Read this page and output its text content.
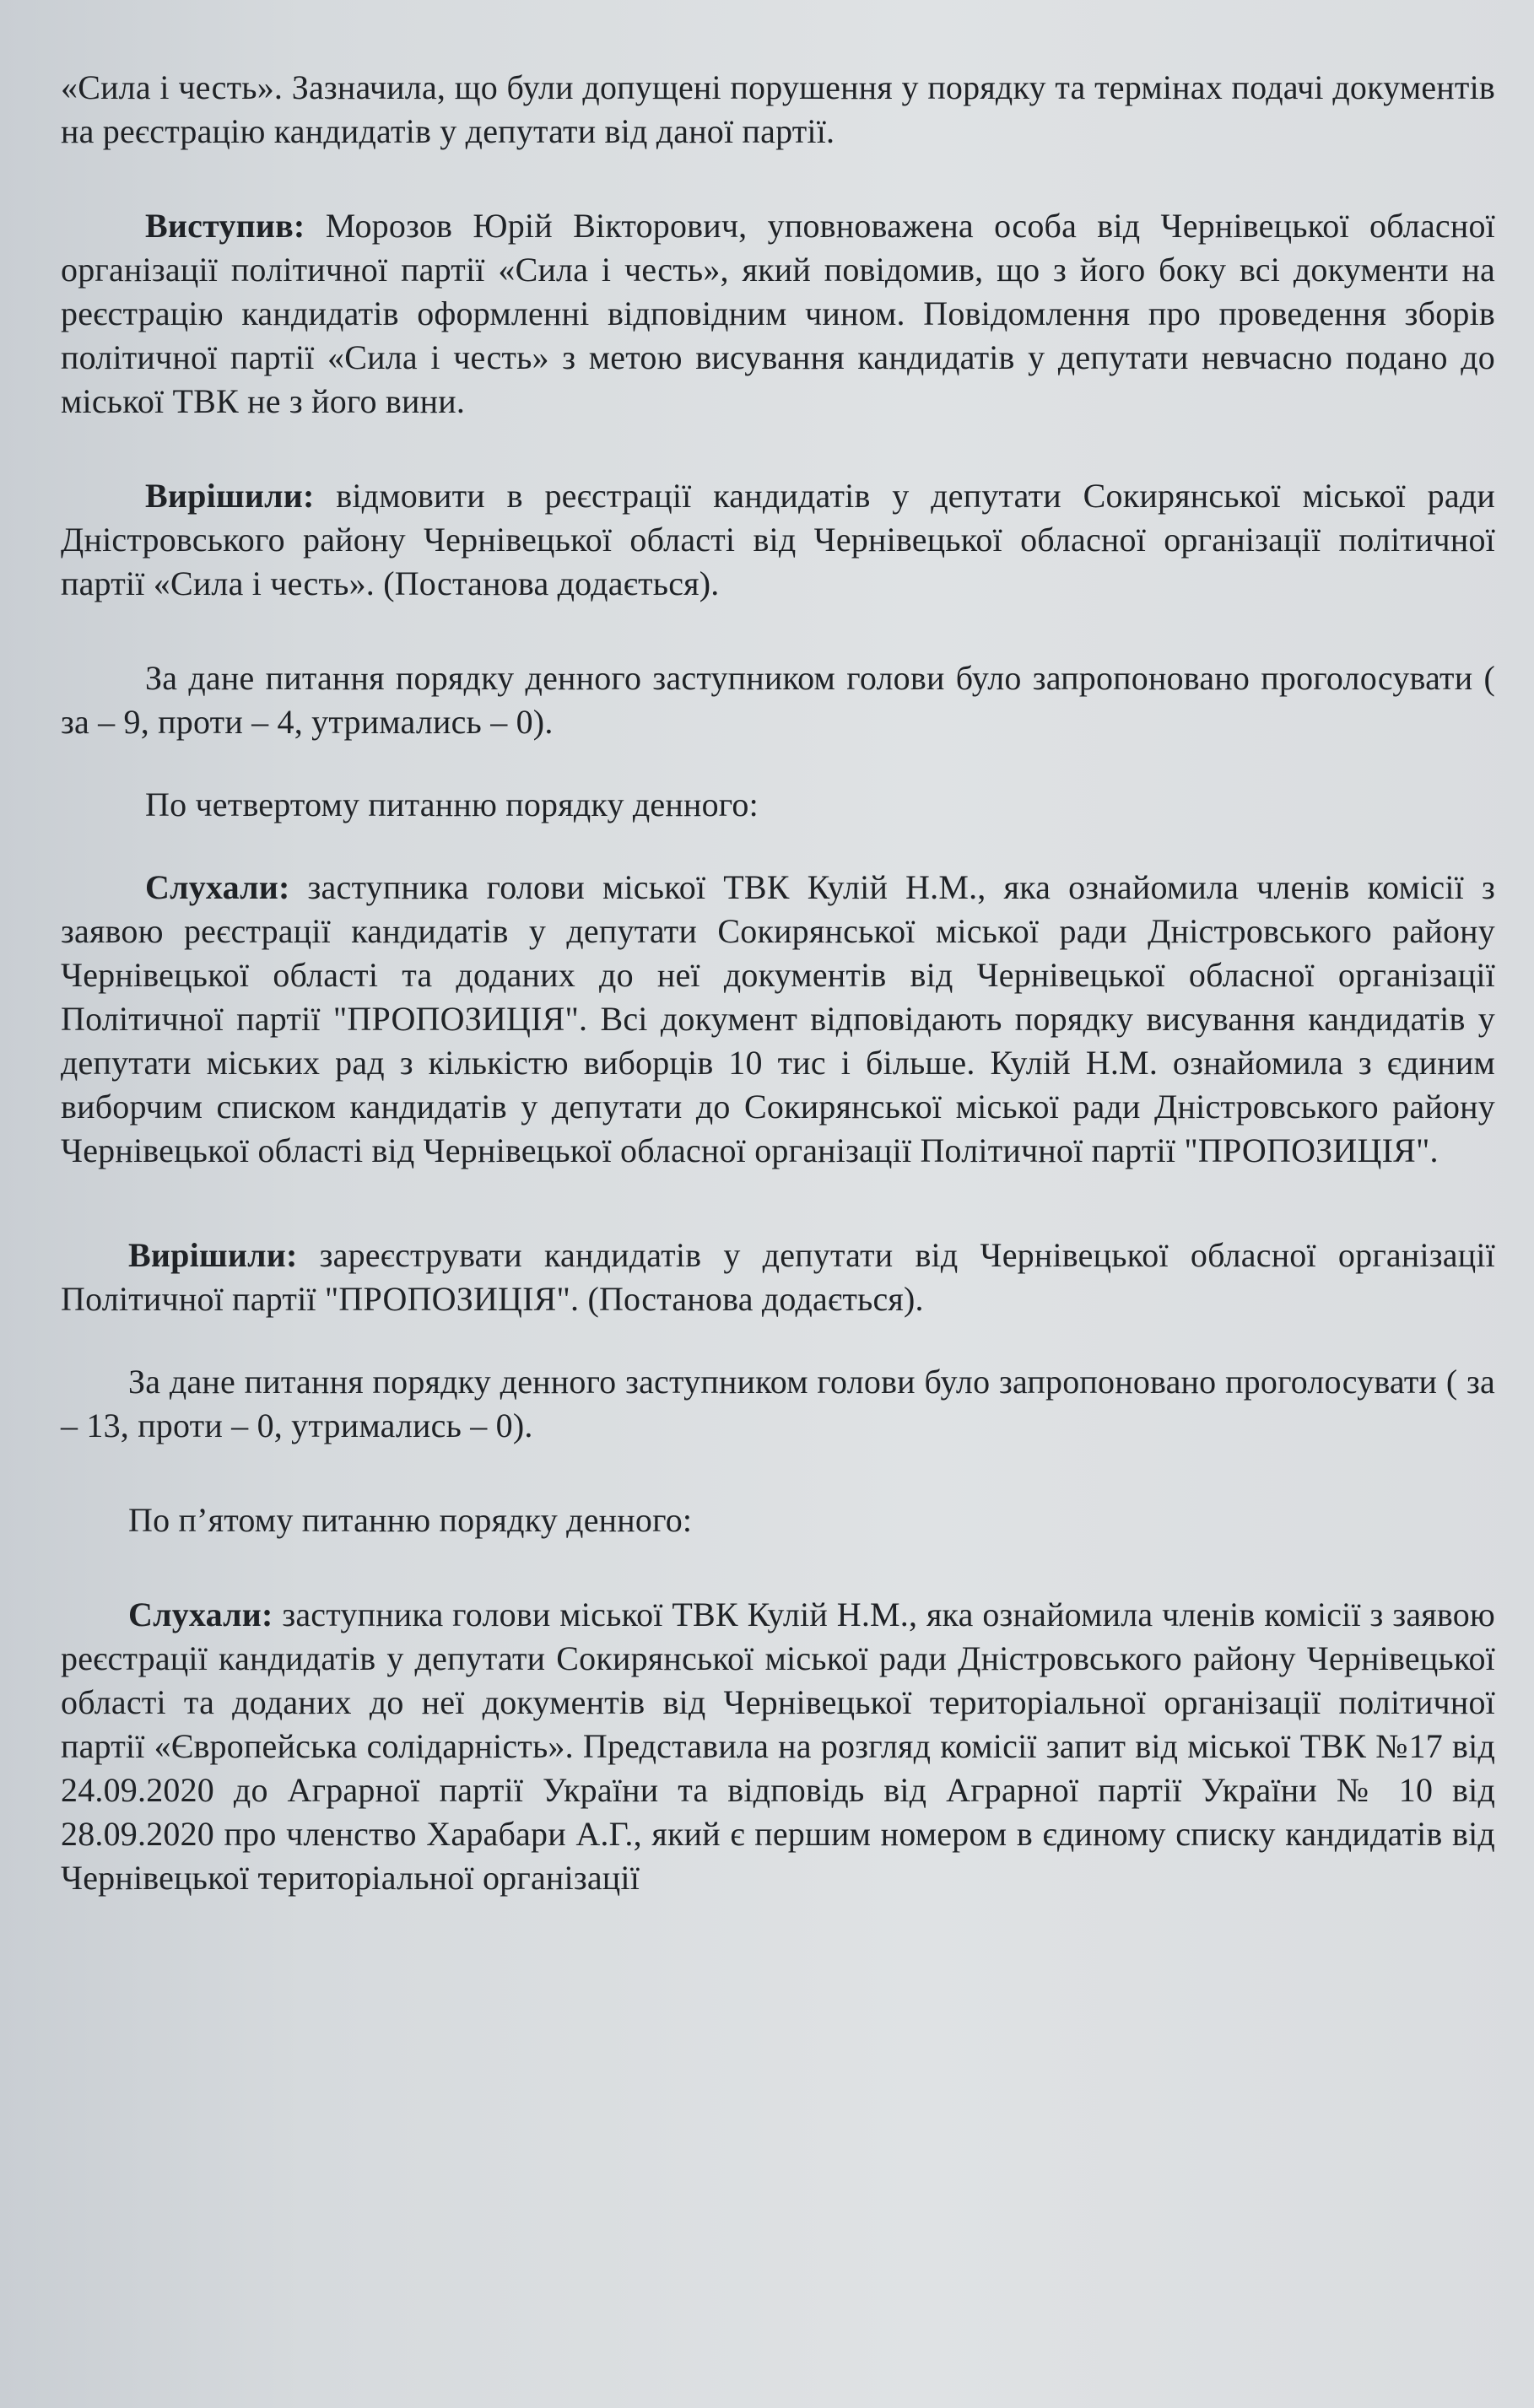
«Сила і честь». Зазначила, що були допущені порушення у порядку та термінах подачі документів на реєстрацію кандидатів у депутати від даної партії.

Виступив: Морозов Юрій Вікторович, уповноважена особа від Чернівецької обласної організації політичної партії «Сила і честь», який повідомив, що з його боку всі документи на реєстрацію кандидатів оформленні відповідним чином. Повідомлення про проведення зборів політичної партії «Сила і честь» з метою висування кандидатів у депутати невчасно подано до міської ТВК не з його вини.

Вирішили: відмовити в реєстрації кандидатів у депутати Сокирянської міської ради Дністровського району Чернівецької області від Чернівецької обласної організації політичної партії «Сила і честь». (Постанова додається).

За дане питання порядку денного заступником голови було запропоновано проголосувати ( за – 9, проти – 4, утримались – 0).

По четвертому питанню порядку денного:

Слухали: заступника голови міської ТВК Кулій Н.М., яка ознайомила членів комісії з заявою реєстрації кандидатів у депутати Сокирянської міської ради Дністровського району Чернівецької області та доданих до неї документів від Чернівецької обласної організації Політичної партії "ПРОПОЗИЦІЯ". Всі документ відповідають порядку висування кандидатів у депутати міських рад з кількістю виборців 10 тис і більше. Кулій Н.М. ознайомила з єдиним виборчим списком кандидатів у депутати до Сокирянської міської ради Дністровського району Чернівецької області від Чернівецької обласної організації Політичної партії "ПРОПОЗИЦІЯ".

Вирішили: зареєструвати кандидатів у депутати від Чернівецької обласної організації Політичної партії "ПРОПОЗИЦІЯ". (Постанова додається).

За дане питання порядку денного заступником голови було запропоновано проголосувати ( за – 13, проти – 0, утримались – 0).

По п’ятому питанню порядку денного:

Слухали: заступника голови міської ТВК Кулій Н.М., яка ознайомила членів комісії з заявою реєстрації кандидатів у депутати Сокирянської міської ради Дністровського району Чернівецької області та доданих до неї документів від Чернівецької територіальної організації політичної партії «Європейська солідарність». Представила на розгляд комісії запит від міської ТВК №17 від 24.09.2020 до Аграрної партії України та відповідь від Аграрної партії України № 10 від 28.09.2020 про членство Харабари А.Г., який є першим номером в єдиному списку кандидатів від Чернівецької територіальної організації
